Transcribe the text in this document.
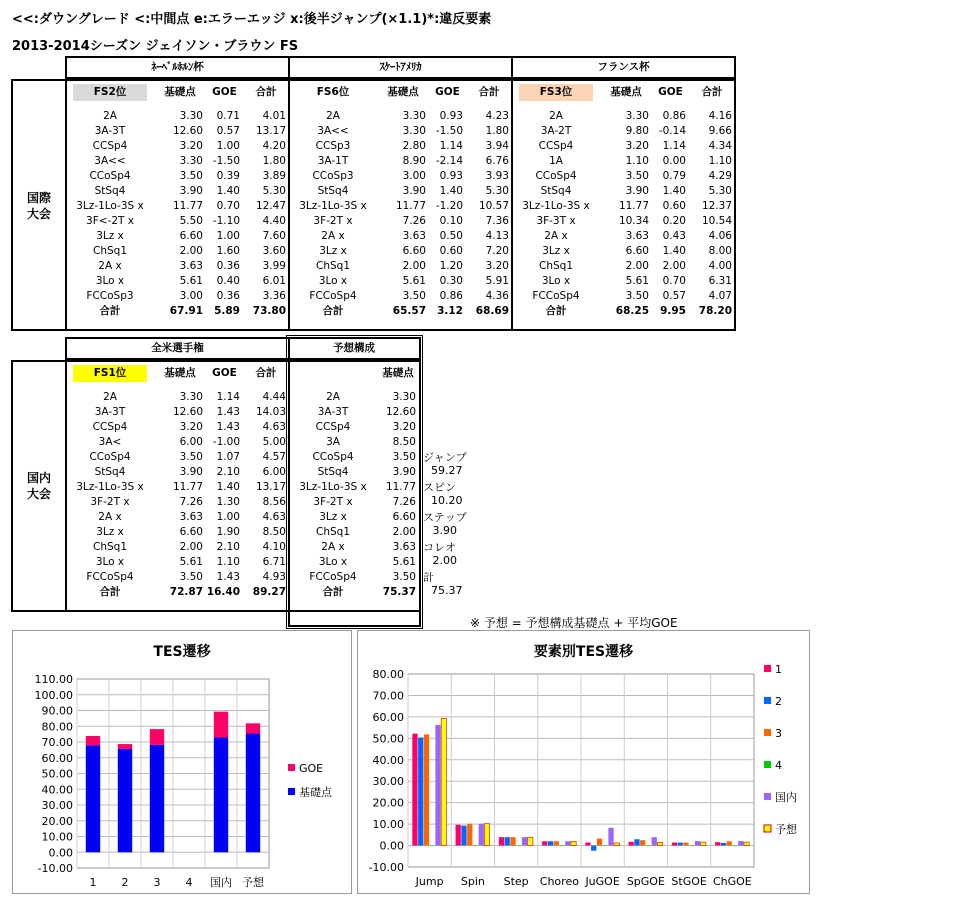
<<:ダウングレード <:中間点 e:エラーエッジ x:後半ジャンプ(×1.1)*:違反要素
2013-2014シーズン ジェイソン・ブラウン FS
国際
大会
ﾈｰﾍﾞﾙﾎﾙﾝ杯			
FS2位	基礎点	GOE	合計

2A	3.30	0.71	4.01
3A-3T	12.60	0.57	13.17
CCSp4	3.20	1.00	4.20
3A<<	3.30	-1.50	1.80
CCoSp4	3.50	0.39	3.89
StSq4	3.90	1.40	5.30
3Lz-1Lo-3S x	11.77	0.70	12.47
3F<-2T x	5.50	-1.10	4.40
3Lz x	6.60	1.00	7.60
ChSq1	2.00	1.60	3.60
2A x	3.63	0.36	3.99
3Lo x	5.61	0.40	6.01
FCCoSp3	3.00	0.36	3.36
合計	67.91	5.89	73.80
ｽｹｰﾄｱﾒﾘｶ			
FS6位	基礎点	GOE	合計

2A	3.30	0.93	4.23
3A<<	3.30	-1.50	1.80
CCSp3	2.80	1.14	3.94
3A-1T	8.90	-2.14	6.76
CCoSp3	3.00	0.93	3.93
StSq4	3.90	1.40	5.30
3Lz-1Lo-3S x	11.77	-1.20	10.57
3F-2T x	7.26	0.10	7.36
2A x	3.63	0.50	4.13
3Lz x	6.60	0.60	7.20
ChSq1	2.00	1.20	3.20
3Lo x	5.61	0.30	5.91
FCCoSp4	3.50	0.86	4.36
合計	65.57	3.12	68.69
フランス杯			
FS3位	基礎点	GOE	合計

2A	3.30	0.86	4.16
3A-2T	9.80	-0.14	9.66
CCSp4	3.20	1.14	4.34
1A	1.10	0.00	1.10
CCoSp4	3.50	0.79	4.29
StSq4	3.90	1.40	5.30
3Lz-1Lo-3S x	11.77	0.60	12.37
3F-3T x	10.34	0.20	10.54
2A x	3.63	0.43	4.06
3Lz x	6.60	1.40	8.00
ChSq1	2.00	2.00	4.00
3Lo x	5.61	0.70	6.31
FCCoSp4	3.50	0.57	4.07
合計	68.25	9.95	78.20
国内
大会
全米選手権			
FS1位	基礎点	GOE	合計

2A	3.30	1.14	4.44
3A-3T	12.60	1.43	14.03
CCSp4	3.20	1.43	4.63
3A<	6.00	-1.00	5.00
CCoSp4	3.50	1.07	4.57
StSq4	3.90	2.10	6.00
3Lz-1Lo-3S x	11.77	1.40	13.17
3F-2T x	7.26	1.30	8.56
2A x	3.63	1.00	4.63
3Lz x	6.60	1.90	8.50
ChSq1	2.00	2.10	4.10
3Lo x	5.61	1.10	6.71
FCCoSp4	3.50	1.43	4.93
合計	72.87	16.40	89.27
予想構成	
	基礎点

2A	3.30
3A-3T	12.60
CCSp4	3.20
3A	8.50
CCoSp4	3.50
StSq4	3.90
3Lz-1Lo-3S x	11.77
3F-2T x	7.26
3Lz x	6.60
ChSq1	2.00
2A x	3.63
3Lo x	5.61
FCCoSp4	3.50
合計	75.37
ジャンプ
59.27
スピン
10.20
ステップ
3.90
コレオ
2.00
計
75.37
※ 予想 = 予想構成基礎点 + 平均GOE
TES遷移
-10.00
0.00
10.00
20.00
30.00
40.00
50.00
60.00
70.00
80.00
90.00
100.00
110.00
1 2 3 4 国内 予想
GOE
基礎点
要素別TES遷移
-10.00
0.00
10.00
20.00
30.00
40.00
50.00
60.00
70.00
80.00
Jump Spin Step Choreo JuGOE SpGOE StGOE ChGOE
1
2
3
4
国内
予想
